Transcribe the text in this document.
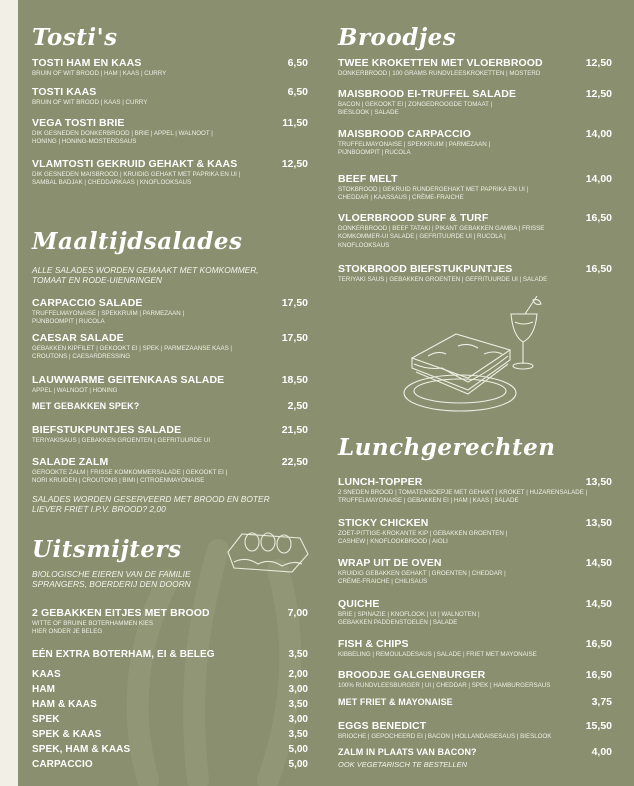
Tosti's
TOSTI HAM EN KAAS	6,50
BRUIN OF WIT BROOD | HAM | KAAS | CURRY
TOSTI KAAS	6,50
BRUIN OF WIT BROOD | KAAS | CURRY
VEGA TOSTI BRIE	11,50
DIK GESNEDEN DONKERBROOD | BRIE | APPEL | WALNOOT | HONING | HONING-MOSTERDSAUS
VLAMTOSTI GEKRUID GEHAKT & KAAS	12,50
DIK GESNEDEN MAISBROOD | KRUIDIG GEHAKT MET PAPRIKA EN UI | SAMBAL BADJAK | CHEDDARKAAS | KNOFLOOKSAUS
Maaltijdsalades
ALLE SALADES WORDEN GEMAAKT MET KOMKOMMER, TOMAAT EN RODE-UIENRINGEN
CARPACCIO SALADE	17,50
TRUFFELMAYONAISE | SPEKKRUIM | PARMEZAAN | PIJNBOOMPIT | RUCOLA
CAESAR SALADE	17,50
GEBAKKEN KIPFILET | GEKOOKT EI | SPEK | PARMEZAANSE KAAS | CROUTONS | CAESARDRESSING
LAUWWARME GEITENKAAS SALADE	18,50
APPEL | WALNOOT | HONING
MET GEBAKKEN SPEK?	2,50
BIEFSTUKPUNTJES SALADE	21,50
TERIYAKISAUS | GEBAKKEN GROENTEN | GEFRITUURDE UI
SALADE ZALM	22,50
GEROOKTE ZALM | FRISSE KOMKOMMERSALADE | GEKOOKT EI | NORI KRUIDEN | CROUTONS | BIMI | CITROENMAYONAISE
SALADES WORDEN GESERVEERD MET BROOD EN BOTER LIEVER FRIET I.P.V. BROOD? 2,00
Uitsmijters
BIOLOGISCHE EIEREN VAN DE FAMILIE SPRANGERS, BOERDERIJ DEN DOORN
2 GEBAKKEN EITJES MET BROOD	7,00
WITTE OF BRUINE BOTERHAMMEN KIES HIER ONDER JE BELEG
EÉN EXTRA BOTERHAM, EI & BELEG	3,50
KAAS	2,00
HAM	3,00
HAM & KAAS	3,50
SPEK	3,00
SPEK & KAAS	3,50
SPEK, HAM & KAAS	5,00
CARPACCIO	5,00
Broodjes
TWEE KROKETTEN MET VLOERBROOD	12,50
DONKERBROOD | 100 GRAMS RUNDVLEESKROKETTEN | MOSTERD
MAISBROOD EI-TRUFFEL SALADE	12,50
BACON | GEKOOKT EI | ZONGEDROOGDE TOMAAT | BIESLOOK | SALADE
MAISBROOD CARPACCIO	14,00
TRUFFELMAYONAISE | SPEKKRUIM | PARMEZAAN | PIJNBOOMPIT | RUCOLA
BEEF MELT	14,00
STOKBROOD | GEKRUID RUNDERGEHAKT MET PAPRIKA EN UI | CHEDDAR | KAASSAUS | CRÈME-FRAICHE
VLOERBROOD SURF & TURF	16,50
DONKERBROOD | BEEF TATAKI | PIKANT GEBAKKEN GAMBA | FRISSE KOMKOMMER-UI SALADE | GEFRITUURDE UI | RUCOLA | KNOFLOOKSAUS
STOKBROOD BIEFSTUKPUNTJES	16,50
TERIYAKI SAUS | GEBAKKEN GROENTEN | GEFRITUURDE UI | SALADE
Lunchgerechten
LUNCH-TOPPER	13,50
2 SNEDEN BROOD | TOMATENSOEPJE MET GEHAKT | KROKET | HUZARENSALADE | TRUFFELMAYONAISE | GEBAKKEN EI | HAM | KAAS | SALADE
STICKY CHICKEN	13,50
ZOET-PITTIGE-KROKANTE KIP | GEBAKKEN GROENTEN | CASHEW | KNOFLOOKBROOD | AIOLI
WRAP UIT DE OVEN	14,50
KRUIDIG GEBAKKEN GEHAKT | GROENTEN | CHEDDAR | CRÈME-FRAICHE | CHILISAUS
QUICHE	14,50
BRIE | SPINAZIE | KNOFLOOK | UI | WALNOTEN | GEBAKKEN PADDENSTOELEN | SALADE
FISH & CHIPS	16,50
KIBBELING | REMOULADESAUS | SALADE | FRIET MET MAYONAISE
BROODJE GALGENBURGER	16,50
100% RUNDVLEESBURGER | UI | CHEDDAR | SPEK | HAMBURGERSAUS
MET FRIET & MAYONAISE	3,75
EGGS BENEDICT	15,50
BRIOCHE | GEPOCHEERD EI | BACON | HOLLANDAISESAUS | BIESLOOK
ZALM IN PLAATS VAN BACON?	4,00
OOK VEGETARISCH TE BESTELLEN
